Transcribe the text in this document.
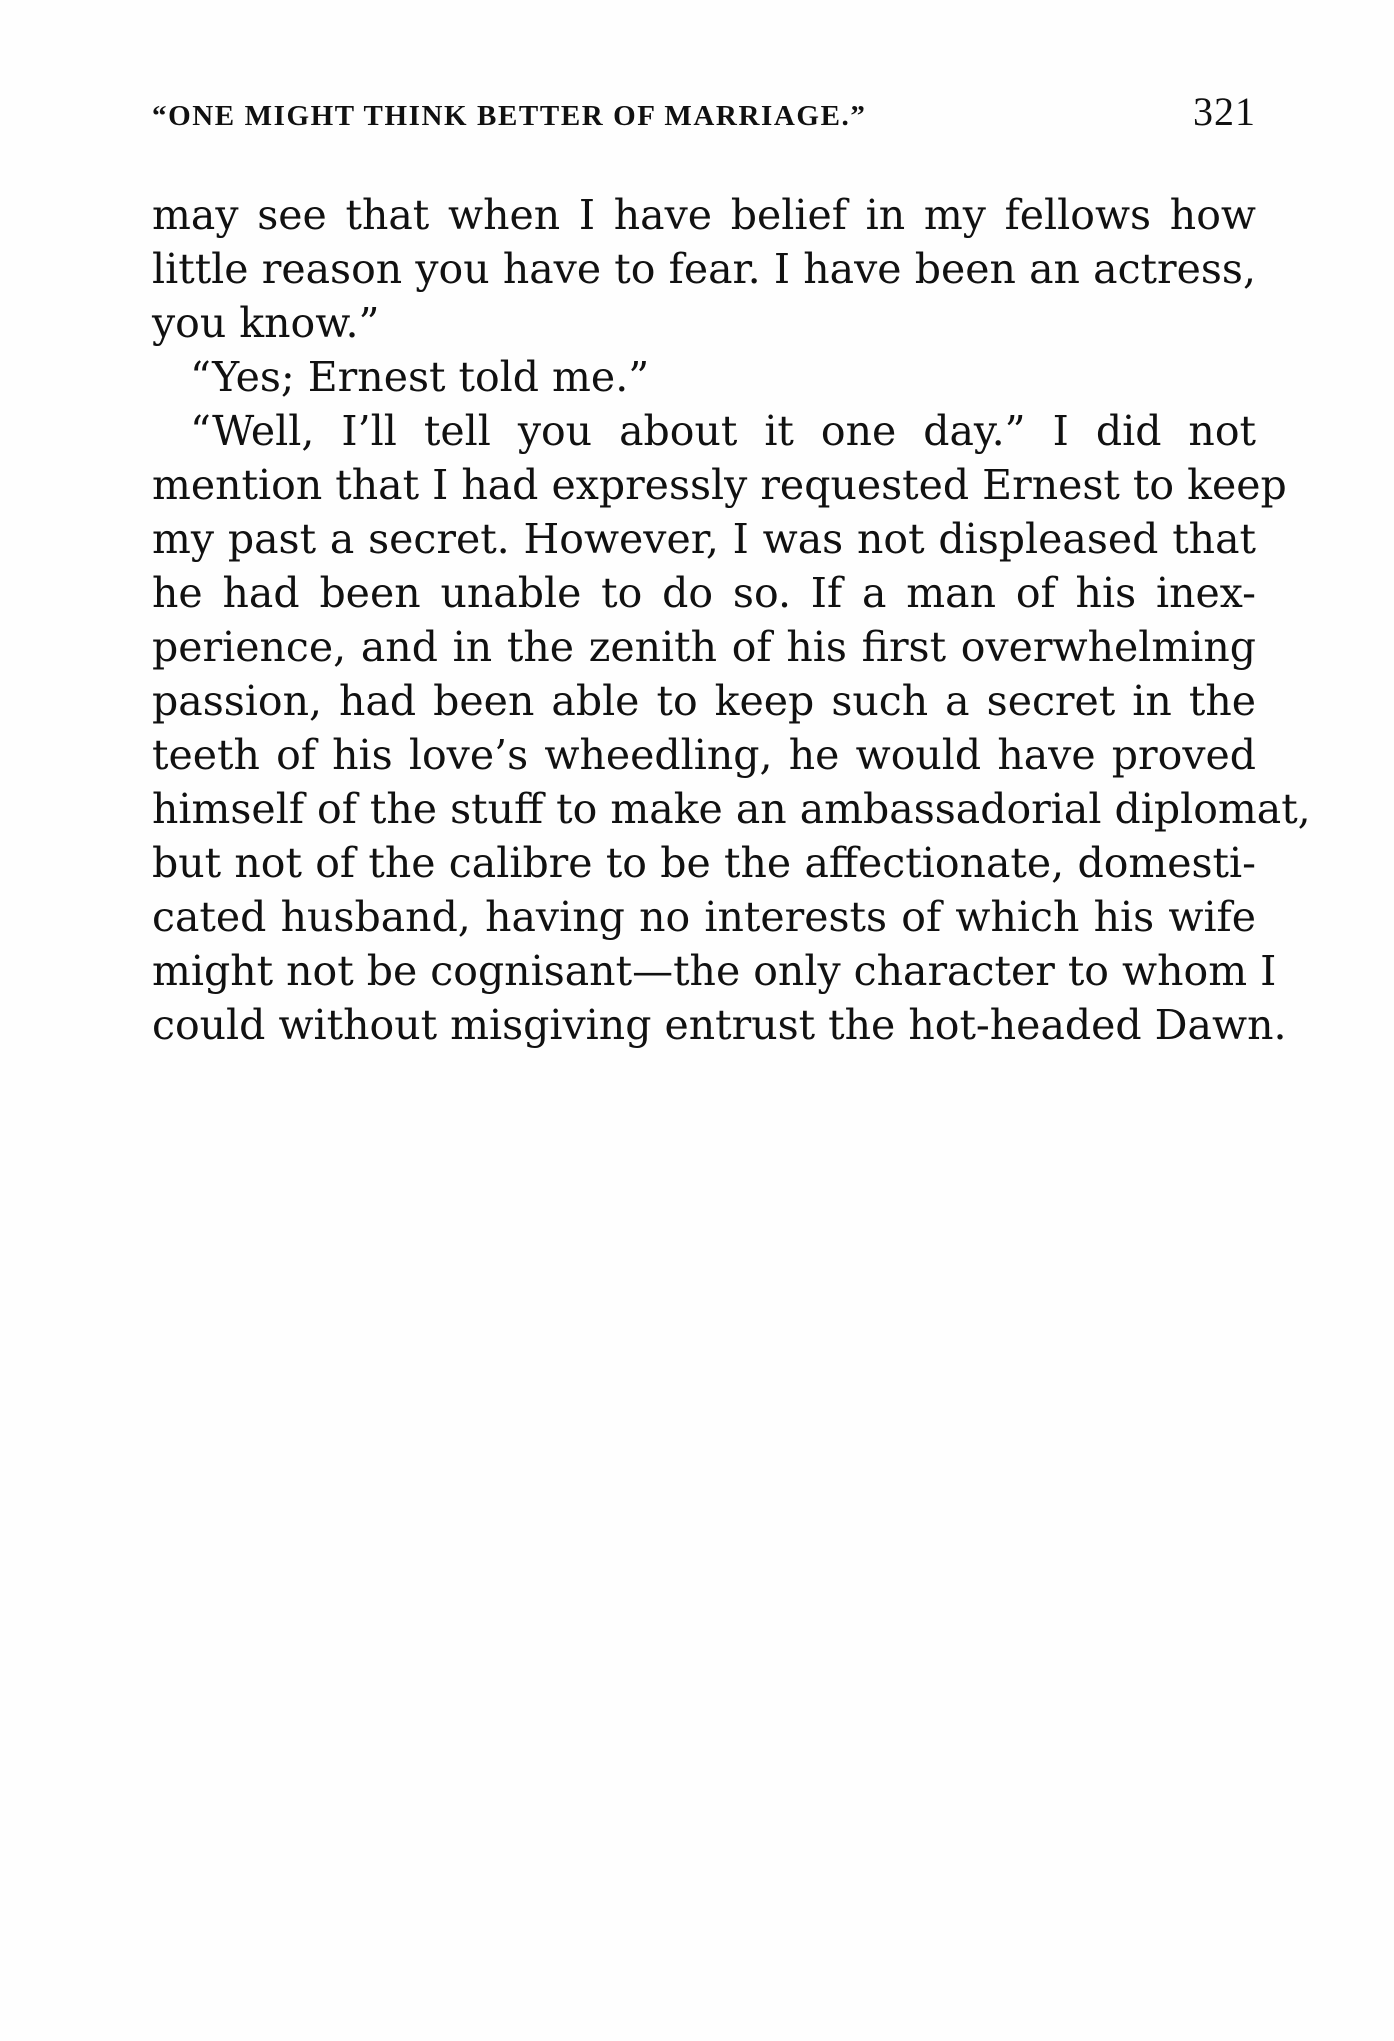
“ONE MIGHT THINK BETTER OF MARRIAGE.”	321
may see that when I have belief in my fellows how
little reason you have to fear. I have been an actress,
you know.”
“Yes; Ernest told me.”
“Well, I’ll tell you about it one day.” I did not
mention that I had expressly requested Ernest to keep
my past a secret. However, I was not displeased that
he had been unable to do so. If a man of his inex-
perience, and in the zenith of his first overwhelming
passion, had been able to keep such a secret in the
teeth of his love’s wheedling, he would have proved
himself of the stuff to make an ambassadorial diplomat,
but not of the calibre to be the affectionate, domesti-
cated husband, having no interests of which his wife
might not be cognisant—the only character to whom I
could without misgiving entrust the hot-headed Dawn.
